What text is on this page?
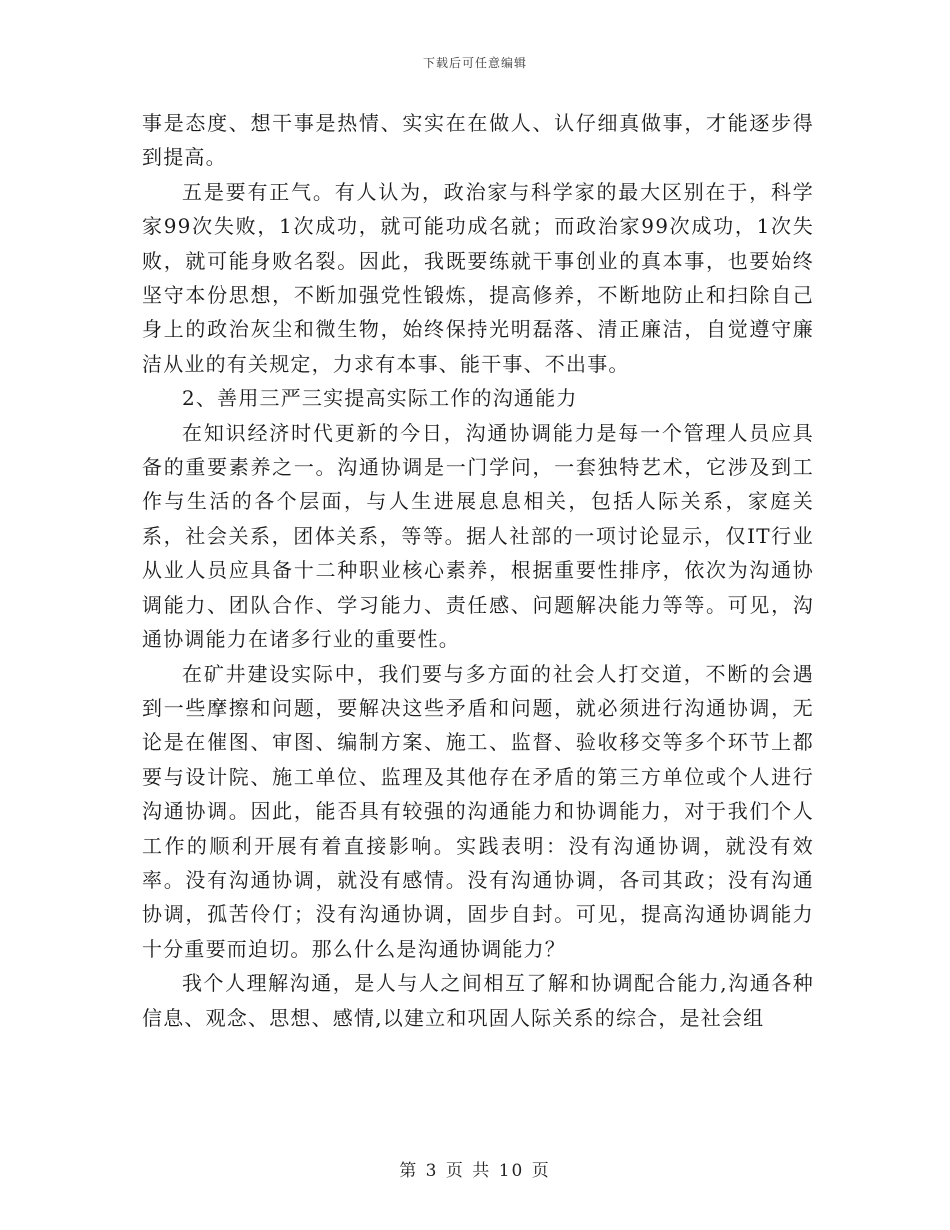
下载后可任意编辑

事是态度、想干事是热情、实实在在做人、认仔细真做事，才能逐步得到提高。

五是要有正气。有人认为，政治家与科学家的最大区别在于，科学家99次失败，1次成功，就可能功成名就；而政治家99次成功，1次失败，就可能身败名裂。因此，我既要练就干事创业的真本事，也要始终坚守本份思想，不断加强党性锻炼，提高修养，不断地防止和扫除自己身上的政治灰尘和微生物，始终保持光明磊落、清正廉洁，自觉遵守廉洁从业的有关规定，力求有本事、能干事、不出事。

2、善用三严三实提高实际工作的沟通能力

在知识经济时代更新的今日，沟通协调能力是每一个管理人员应具备的重要素养之一。沟通协调是一门学问，一套独特艺术，它涉及到工作与生活的各个层面，与人生进展息息相关，包括人际关系，家庭关系，社会关系，团体关系，等等。据人社部的一项讨论显示，仅IT行业从业人员应具备十二种职业核心素养，根据重要性排序，依次为沟通协调能力、团队合作、学习能力、责任感、问题解决能力等等。可见，沟通协调能力在诸多行业的重要性。

在矿井建设实际中，我们要与多方面的社会人打交道，不断的会遇到一些摩擦和问题，要解决这些矛盾和问题，就必须进行沟通协调，无论是在催图、审图、编制方案、施工、监督、验收移交等多个环节上都要与设计院、施工单位、监理及其他存在矛盾的第三方单位或个人进行沟通协调。因此，能否具有较强的沟通能力和协调能力，对于我们个人工作的顺利开展有着直接影响。实践表明：没有沟通协调，就没有效率。没有沟通协调，就没有感情。没有沟通协调，各司其政；没有沟通协调，孤苦伶仃；没有沟通协调，固步自封。可见，提高沟通协调能力十分重要而迫切。那么什么是沟通协调能力？

我个人理解沟通，是人与人之间相互了解和协调配合能力,沟通各种信息、观念、思想、感情,以建立和巩固人际关系的综合，是社会组

第 3 页 共 10 页
